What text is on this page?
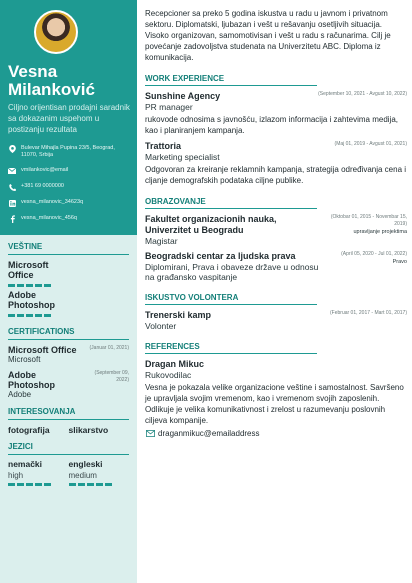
Vesna
Milanković
Ciljno orijentisan prodajni saradnik sa dokazanim uspehom u postizanju rezultata
Bulevar Mihajla Pupina 23/5, Beograd, 11070, Srbija
vmilankovic@email
+381 69 0000000
vesna_milanovic_34623q
vesna_milanovic_456q
VEŠTINE
Microsoft Office
Adobe Photoshop
CERTIFICATIONS
Microsoft Office
Microsoft
(Januar 01, 2021)
Adobe Photoshop
Adobe
(September 09, 2022)
INTERESOVANJA
fotografija	slikarstvo
JEZICI
nemački
high
engleski
medium

Recepcioner sa preko 5 godina iskustva u radu u javnom i privatnom sektoru. Diplomatski, ljubazan i vešt u rešavanju osetljivih situacija. Visoko organizovan, samomotivisan i vešt u radu s računarima. Cilj je povećanje zadovoljstva studenata na Univerzitetu ABC. Diploma iz komunikacija.

WORK EXPERIENCE
Sunshine Agency	(September 10, 2021 - Avgust 10, 2022)
PR manager
rukovode odnosima s javnošću, izlazom informacija i zahtevima medija, kao i planiranjem kampanja.
Trattoria	(Maj 01, 2019 - Avgust 01, 2021)
Marketing specialist
Odgovoran za kreiranje reklamnih kampanja, strategija određivanja cena i cljanje demografskih podataka ciljne publike.
OBRAZOVANJE
Fakultet organizacionih nauka, Univerzitet u Beogradu
Magistar
(Oktobar 01, 2015 - Novembar 15, 2019)
upravljanje projektima
Beogradski centar za ljudska prava
Diplomirani, Prava i obaveze države u odnosu na građansko vaspitanje
(April 05, 2020 - Jul 01, 2022)
Pravo
ISKUSTVO VOLONTERA
Trenerski kamp	(Februar 01, 2017 - Mart 01, 2017)
Volonter
REFERENCES
Dragan Mikuc
Rukovodilac
Vesna je pokazala velike organizacione veštine i samostalnost. Savršeno je upravljala svojim vremenom, kao i vremenom svojih zaposlenih. Odlikuje je velika komunikativnost i zrelost u razumevanju poslovnih ciljeva kompanije.
draganmikuc@emailaddress
